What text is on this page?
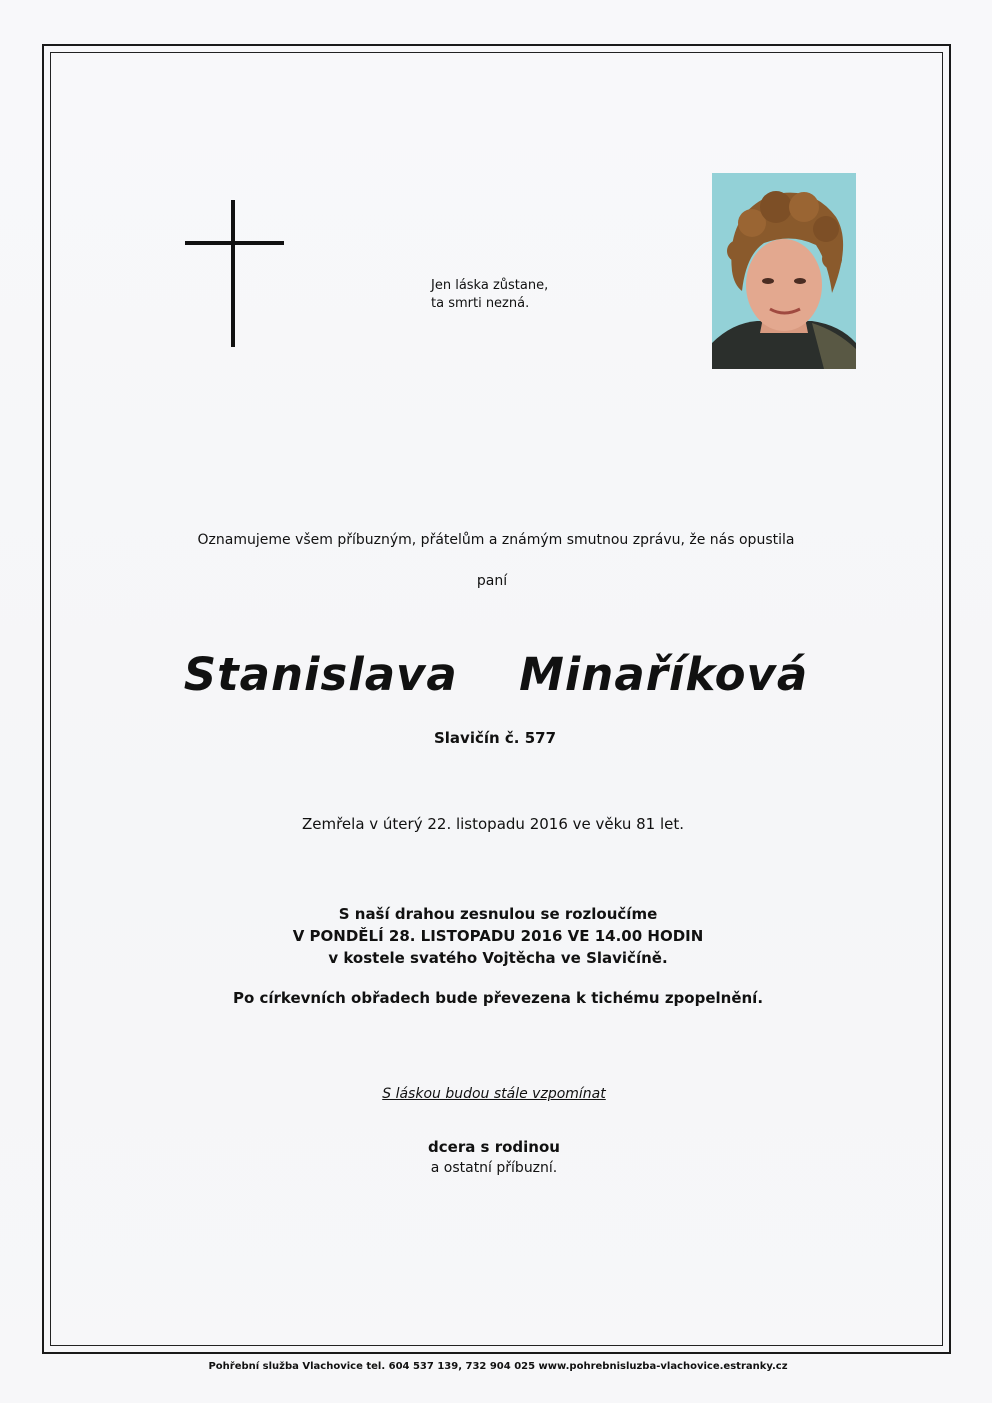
Jen láska zůstane,
ta smrti nezná.
Oznamujeme všem příbuzným, přátelům a známým smutnou zprávu, že nás opustila
paní
Stanislava  Minaříková
Slavičín č. 577
Zemřela v úterý 22. listopadu 2016 ve věku 81 let.
S naší drahou zesnulou se rozloučíme
V PONDĚLÍ 28. LISTOPADU 2016 VE 14.00 HODIN
v kostele svatého Vojtěcha ve Slavičíně.
Po církevních obřadech bude převezena k tichému zpopelnění.
S láskou budou stále vzpomínat
dcera s rodinou
a ostatní příbuzní.
Pohřební služba Vlachovice tel. 604 537 139, 732 904 025 www.pohrebnisluzba-vlachovice.estranky.cz
